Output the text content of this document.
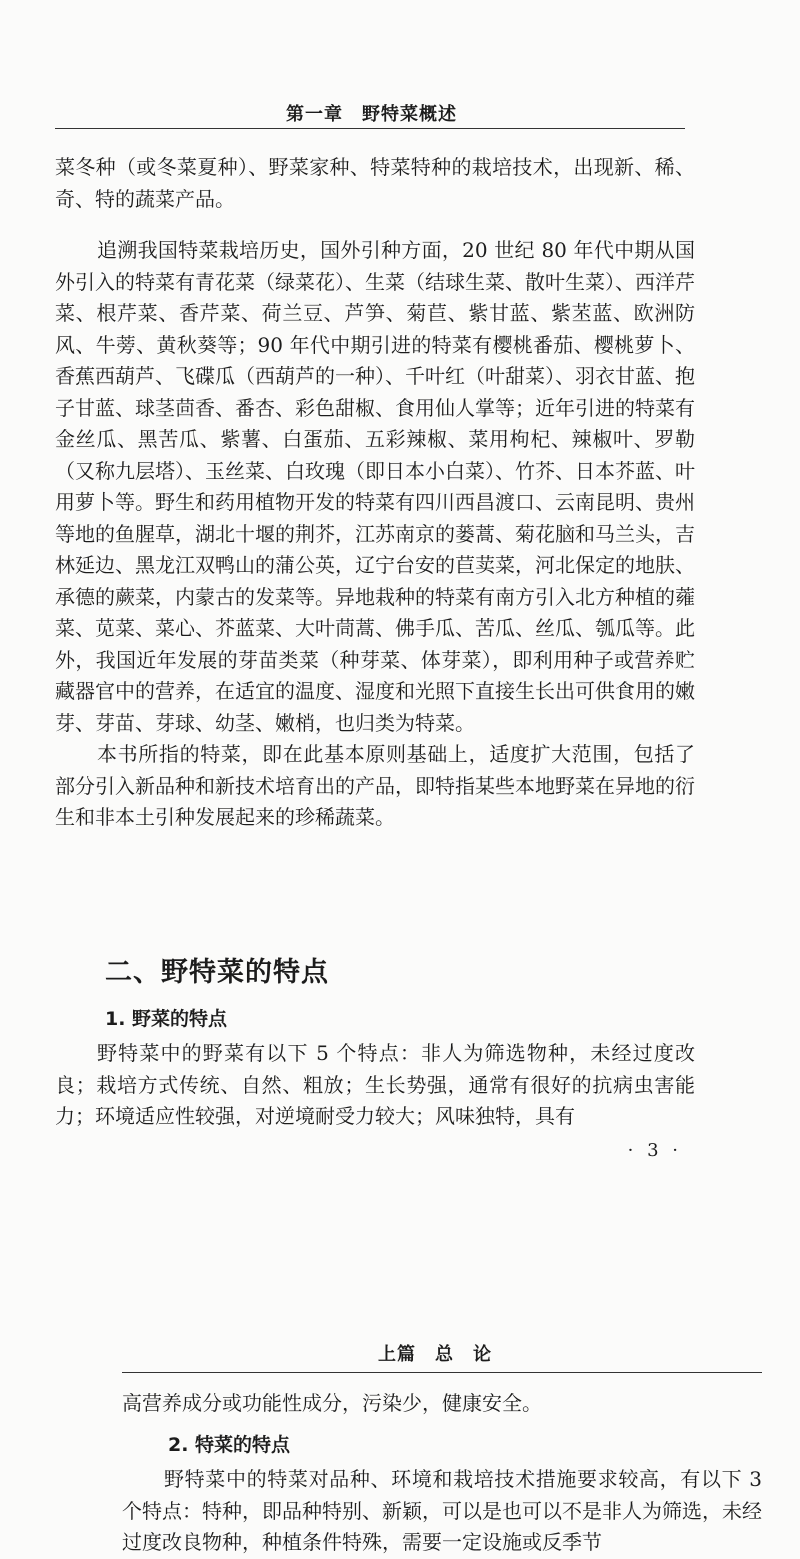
第一章　野特菜概述

菜冬种（或冬菜夏种）、野菜家种、特菜特种的栽培技术，出现新、稀、奇、特的蔬菜产品。

追溯我国特菜栽培历史，国外引种方面，20 世纪 80 年代中期从国外引入的特菜有青花菜（绿菜花）、生菜（结球生菜、散叶生菜）、西洋芹菜、根芹菜、香芹菜、荷兰豆、芦笋、菊苣、紫甘蓝、紫苤蓝、欧洲防风、牛蒡、黄秋葵等；90 年代中期引进的特菜有樱桃番茄、樱桃萝卜、香蕉西葫芦、飞碟瓜（西葫芦的一种）、千叶红（叶甜菜）、羽衣甘蓝、抱子甘蓝、球茎茴香、番杏、彩色甜椒、食用仙人掌等；近年引进的特菜有金丝瓜、黑苦瓜、紫薯、白蛋茄、五彩辣椒、菜用枸杞、辣椒叶、罗勒（又称九层塔）、玉丝菜、白玫瑰（即日本小白菜）、竹芥、日本芥蓝、叶用萝卜等。野生和药用植物开发的特菜有四川西昌渡口、云南昆明、贵州等地的鱼腥草，湖北十堰的荆芥，江苏南京的蒌蒿、菊花脑和马兰头，吉林延边、黑龙江双鸭山的蒲公英，辽宁台安的苣荬菜，河北保定的地肤、承德的蕨菜，内蒙古的发菜等。异地栽种的特菜有南方引入北方种植的蕹菜、苋菜、菜心、芥蓝菜、大叶茼蒿、佛手瓜、苦瓜、丝瓜、瓠瓜等。此外，我国近年发展的芽苗类菜（种芽菜、体芽菜），即利用种子或营养贮藏器官中的营养，在适宜的温度、湿度和光照下直接生长出可供食用的嫩芽、芽苗、芽球、幼茎、嫩梢，也归类为特菜。

本书所指的特菜，即在此基本原则基础上，适度扩大范围，包括了部分引入新品种和新技术培育出的产品，即特指某些本地野菜在异地的衍生和非本土引种发展起来的珍稀蔬菜。

二、野特菜的特点
1. 野菜的特点

野特菜中的野菜有以下 5 个特点：非人为筛选物种，未经过度改良；栽培方式传统、自然、粗放；生长势强，通常有很好的抗病虫害能力；环境适应性较强，对逆境耐受力较大；风味独特，具有

· 3 ·
上篇　总　论

高营养成分或功能性成分，污染少，健康安全。

2. 特菜的特点

野特菜中的特菜对品种、环境和栽培技术措施要求较高，有以下 3 个特点：特种，即品种特别、新颖，可以是也可以不是非人为筛选，未经过度改良物种，种植条件特殊，需要一定设施或反季节
